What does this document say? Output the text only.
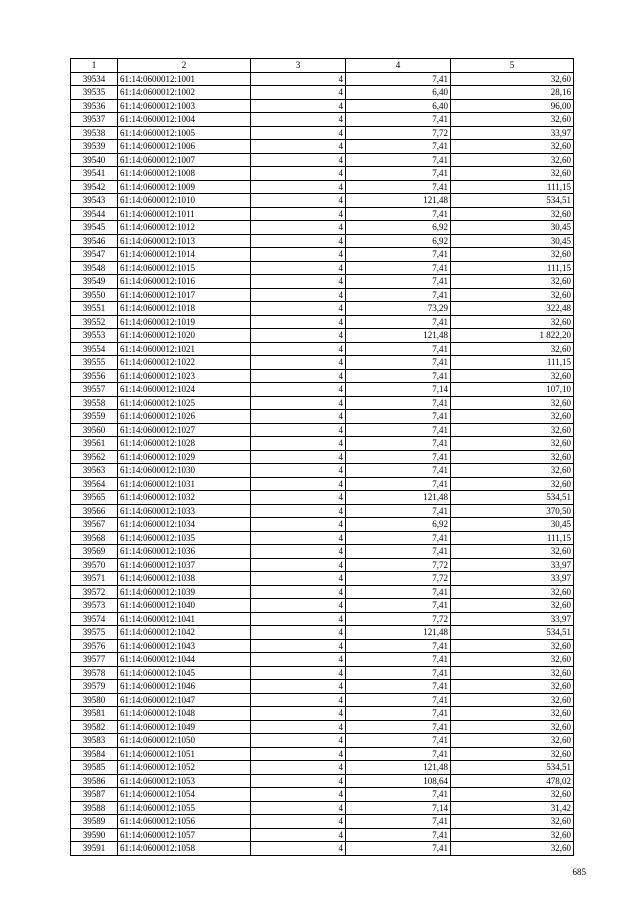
1	2	3	4	5
39534	61:14:0600012:1001	4	7,41	32,60
39535	61:14:0600012:1002	4	6,40	28,16
39536	61:14:0600012:1003	4	6,40	96,00
39537	61:14:0600012:1004	4	7,41	32,60
39538	61:14:0600012:1005	4	7,72	33,97
39539	61:14:0600012:1006	4	7,41	32,60
39540	61:14:0600012:1007	4	7,41	32,60
39541	61:14:0600012:1008	4	7,41	32,60
39542	61:14:0600012:1009	4	7,41	111,15
39543	61:14:0600012:1010	4	121,48	534,51
39544	61:14:0600012:1011	4	7,41	32,60
39545	61:14:0600012:1012	4	6,92	30,45
39546	61:14:0600012:1013	4	6,92	30,45
39547	61:14:0600012:1014	4	7,41	32,60
39548	61:14:0600012:1015	4	7,41	111,15
39549	61:14:0600012:1016	4	7,41	32,60
39550	61:14:0600012:1017	4	7,41	32,60
39551	61:14:0600012:1018	4	73,29	322,48
39552	61:14:0600012:1019	4	7,41	32,60
39553	61:14:0600012:1020	4	121,48	1 822,20
39554	61:14:0600012:1021	4	7,41	32,60
39555	61:14:0600012:1022	4	7,41	111,15
39556	61:14:0600012:1023	4	7,41	32,60
39557	61:14:0600012:1024	4	7,14	107,10
39558	61:14:0600012:1025	4	7,41	32,60
39559	61:14:0600012:1026	4	7,41	32,60
39560	61:14:0600012:1027	4	7,41	32,60
39561	61:14:0600012:1028	4	7,41	32,60
39562	61:14:0600012:1029	4	7,41	32,60
39563	61:14:0600012:1030	4	7,41	32,60
39564	61:14:0600012:1031	4	7,41	32,60
39565	61:14:0600012:1032	4	121,48	534,51
39566	61:14:0600012:1033	4	7,41	370,50
39567	61:14:0600012:1034	4	6,92	30,45
39568	61:14:0600012:1035	4	7,41	111,15
39569	61:14:0600012:1036	4	7,41	32,60
39570	61:14:0600012:1037	4	7,72	33,97
39571	61:14:0600012:1038	4	7,72	33,97
39572	61:14:0600012:1039	4	7,41	32,60
39573	61:14:0600012:1040	4	7,41	32,60
39574	61:14:0600012:1041	4	7,72	33,97
39575	61:14:0600012:1042	4	121,48	534,51
39576	61:14:0600012:1043	4	7,41	32,60
39577	61:14:0600012:1044	4	7,41	32,60
39578	61:14:0600012:1045	4	7,41	32,60
39579	61:14:0600012:1046	4	7,41	32,60
39580	61:14:0600012:1047	4	7,41	32,60
39581	61:14:0600012:1048	4	7,41	32,60
39582	61:14:0600012:1049	4	7,41	32,60
39583	61:14:0600012:1050	4	7,41	32,60
39584	61:14:0600012:1051	4	7,41	32,60
39585	61:14:0600012:1052	4	121,48	534,51
39586	61:14:0600012:1053	4	108,64	478,02
39587	61:14:0600012:1054	4	7,41	32,60
39588	61:14:0600012:1055	4	7,14	31,42
39589	61:14:0600012:1056	4	7,41	32,60
39590	61:14:0600012:1057	4	7,41	32,60
39591	61:14:0600012:1058	4	7,41	32,60
685
